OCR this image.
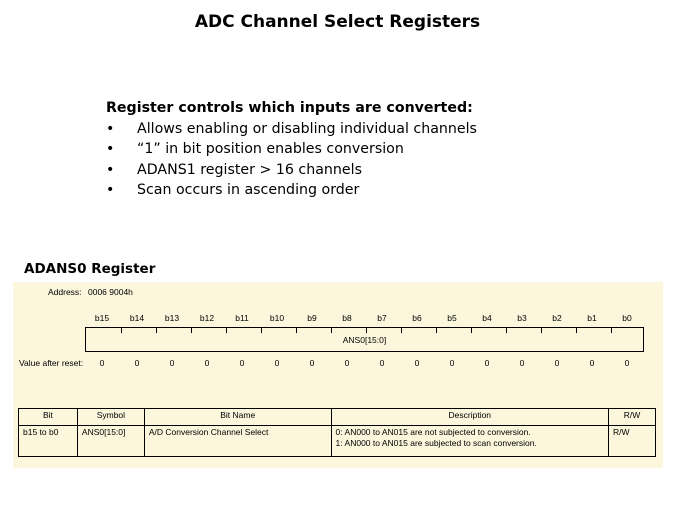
ADC Channel Select Registers
Register controls which inputs are converted:
• Allows enabling or disabling individual channels
• “1” in bit position enables conversion
• ADANS1 register > 16 channels
• Scan occurs in ascending order
ADANS0 Register
Address: 0006 9004h
b15	b14	b13	b12	b11	b10	b9	b8	b7	b6	b5	b4	b3	b2	b1	b0
ANS0[15:0]
Value after reset:	0	0	0	0	0	0	0	0	0	0	0	0	0	0	0	0
Bit	Symbol	Bit Name	Description	R/W
b15 to b0	ANS0[15:0]	A/D Conversion Channel Select	0: AN000 to AN015 are not subjected to conversion.
1: AN000 to AN015 are subjected to scan conversion.	R/W
